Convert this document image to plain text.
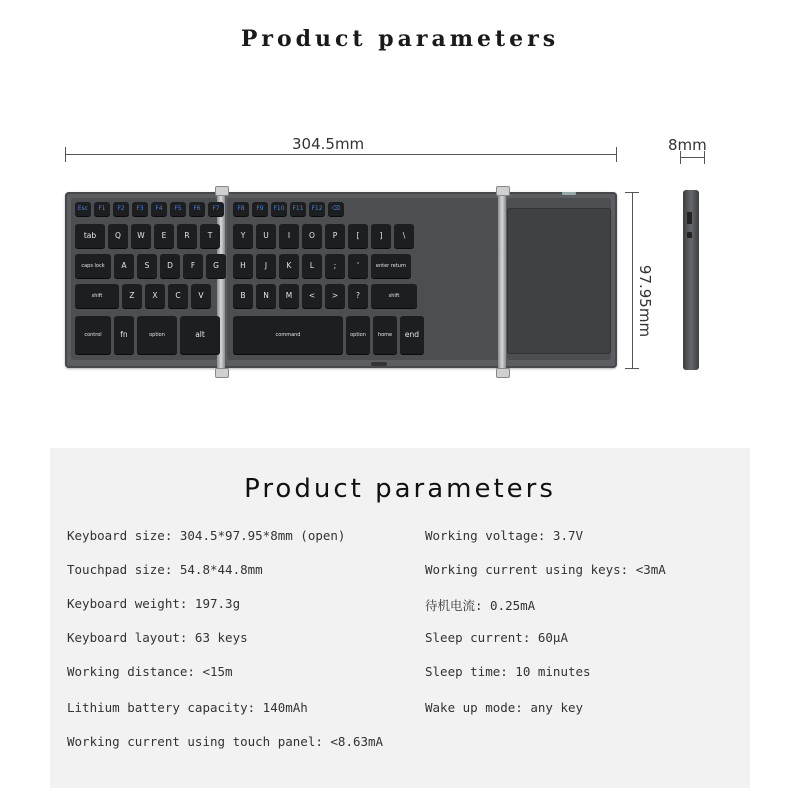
Product parameters
304.5mm	8mm
97.95mm
Esc	F1	F2	F3	F4	F5	F6	F7	F8	F9	F10	F11	F12	⌫
tab	Q	W	E	R	T	Y	U	I	O	P	[	]	\
caps lock	A	S	D	F	G	H	J	K	L	;	'	enter return
shift	Z	X	C	V	B	N	M	<	>	?	shift
control	fn	option	alt	command	option	home	end
Product parameters
Keyboard size: 304.5*97.95*8mm (open)
Touchpad size: 54.8*44.8mm
Keyboard weight: 197.3g
Keyboard layout: 63 keys
Working distance: <15m
Lithium battery capacity: 140mAh
Working current using touch panel: <8.63mA
Working voltage: 3.7V
Working current using keys: <3mA
待机电流: 0.25mA
Sleep current: 60μA
Sleep time: 10 minutes
Wake up mode: any key
